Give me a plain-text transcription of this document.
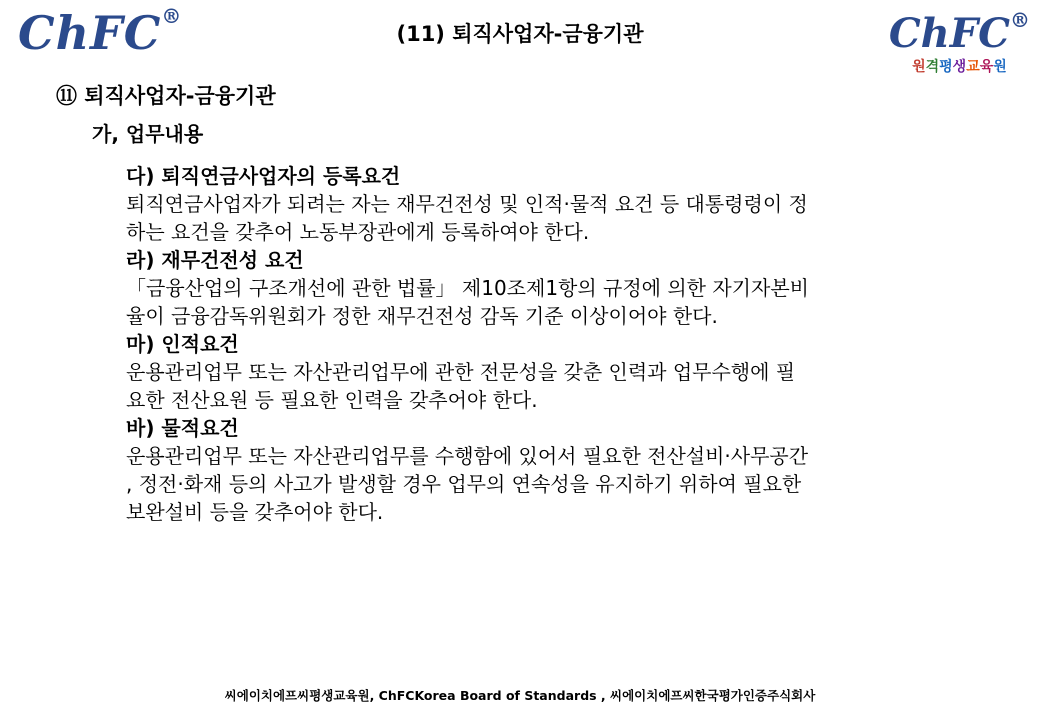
ChFC®
(11) 퇴직사업자-금융기관	ChFC®
원격평생교육원
⑪ 퇴직사업자-금융기관
가, 업무내용
다) 퇴직연금사업자의 등록요건
퇴직연금사업자가 되려는 자는 재무건전성 및 인적·물적 요건 등 대통령령이 정
하는 요건을 갖추어 노동부장관에게 등록하여야 한다.
라) 재무건전성 요건
「금융산업의 구조개선에 관한 법률」 제10조제1항의 규정에 의한 자기자본비
율이 금융감독위원회가 정한 재무건전성 감독 기준 이상이어야 한다.
마) 인적요건
운용관리업무 또는 자산관리업무에 관한 전문성을 갖춘 인력과 업무수행에 필
요한 전산요원 등 필요한 인력을 갖추어야 한다.
바) 물적요건
운용관리업무 또는 자산관리업무를 수행함에 있어서 필요한 전산설비·사무공간
, 정전·화재 등의 사고가 발생할 경우 업무의 연속성을 유지하기 위하여 필요한
보완설비 등을 갖추어야 한다.
씨에이치에프씨평생교육원, ChFCKorea Board of Standards , 씨에이치에프씨한국평가인증주식회사
